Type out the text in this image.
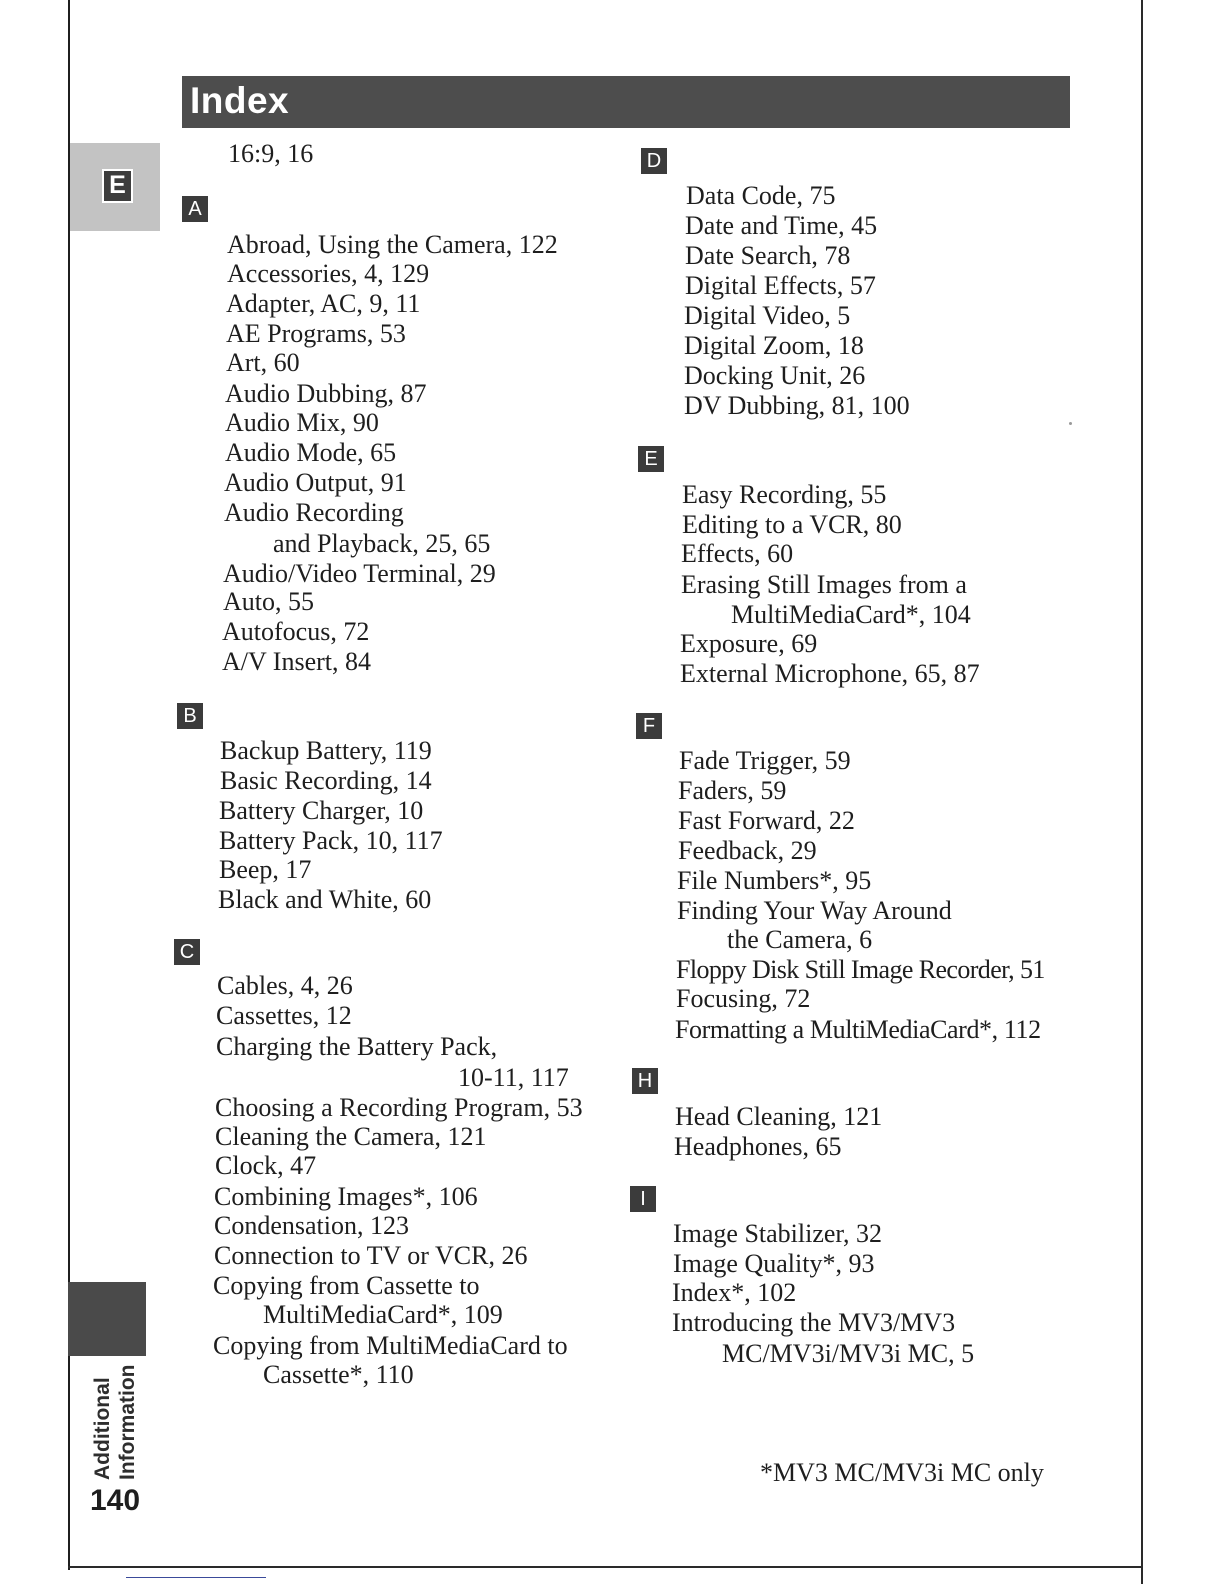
Index
E
Additional
Information
140
16:9, 16
A
Abroad, Using the Camera, 122
Accessories, 4, 129
Adapter, AC, 9, 11
AE Programs, 53
Art, 60
Audio Dubbing, 87
Audio Mix, 90
Audio Mode, 65
Audio Output, 91
Audio Recording
and Playback, 25, 65
Audio/Video Terminal, 29
Auto, 55
Autofocus, 72
A/V Insert, 84
B
Backup Battery, 119
Basic Recording, 14
Battery Charger, 10
Battery Pack, 10, 117
Beep, 17
Black and White, 60
C
Cables, 4, 26
Cassettes, 12
Charging the Battery Pack,
10-11, 117
Choosing a Recording Program, 53
Cleaning the Camera, 121
Clock, 47
Combining Images*, 106
Condensation, 123
Connection to TV or VCR, 26
Copying from Cassette to
MultiMediaCard*, 109
Copying from MultiMediaCard to
Cassette*, 110
D
Data Code, 75
Date and Time, 45
Date Search, 78
Digital Effects, 57
Digital Video, 5
Digital Zoom, 18
Docking Unit, 26
DV Dubbing, 81, 100
E
Easy Recording, 55
Editing to a VCR, 80
Effects, 60
Erasing Still Images from a
MultiMediaCard*, 104
Exposure, 69
External Microphone, 65, 87
F
Fade Trigger, 59
Faders, 59
Fast Forward, 22
Feedback, 29
File Numbers*, 95
Finding Your Way Around
the Camera, 6
Floppy Disk Still Image Recorder, 51
Focusing, 72
Formatting a MultiMediaCard*, 112
H
Head Cleaning, 121
Headphones, 65
I
Image Stabilizer, 32
Image Quality*, 93
Index*, 102
Introducing the MV3/MV3
MC/MV3i/MV3i MC, 5
*MV3 MC/MV3i MC only
